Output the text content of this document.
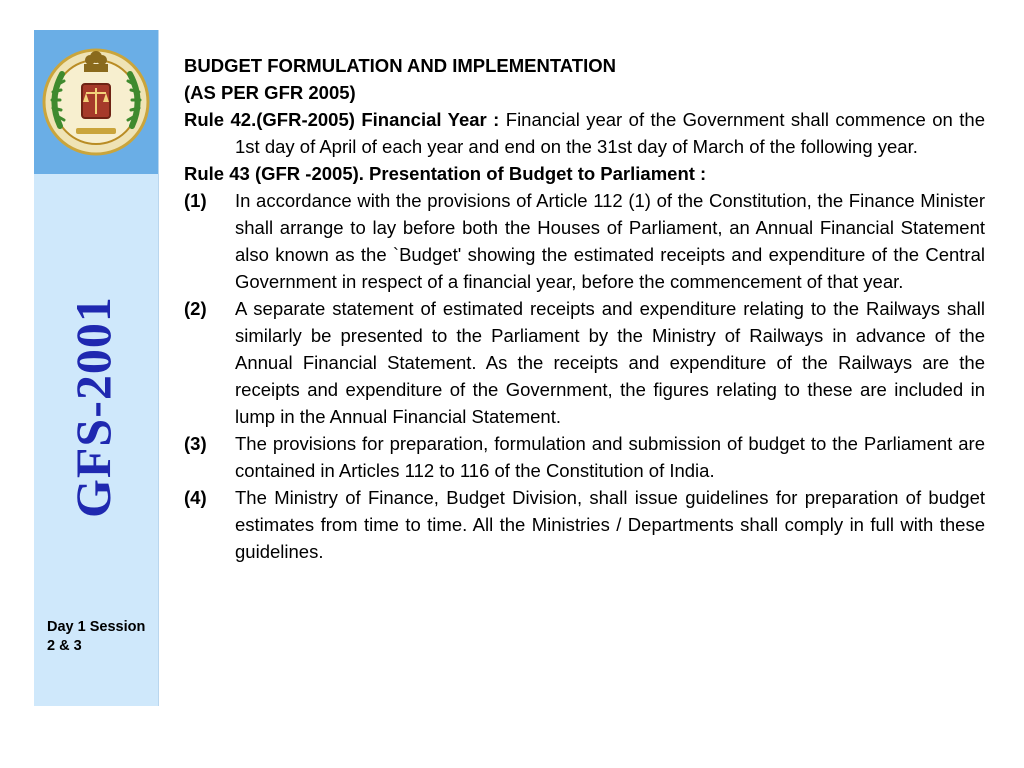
GFS-2001
Day 1 Session 2 & 3

BUDGET FORMULATION AND IMPLEMENTATION

(AS PER GFR 2005)

Rule 42.(GFR-2005) Financial Year : Financial year of the Government shall commence on the 1st day of April of each year and end on the 31st day of March of the following year.

Rule 43 (GFR -2005). Presentation of Budget to Parliament :

(1) In accordance with the provisions of Article 112 (1) of the Constitution, the Finance Minister shall arrange to lay before both the Houses of Parliament, an Annual Financial Statement also known as the `Budget' showing the estimated receipts and expenditure of the Central Government in respect of a financial year, before the commencement of that year.
(2) A separate statement of estimated receipts and expenditure relating to the Railways shall similarly be presented to the Parliament by the Ministry of Railways in advance of the Annual Financial Statement. As the receipts and expenditure of the Railways are the receipts and expenditure of the Government, the figures relating to these are included in lump in the Annual Financial Statement.
(3) The provisions for preparation, formulation and submission of budget to the Parliament are contained in Articles 112 to 116 of the Constitution of India.
(4) The Ministry of Finance, Budget Division, shall issue guidelines for preparation of budget estimates from time to time. All the Ministries / Departments shall comply in full with these guidelines.
